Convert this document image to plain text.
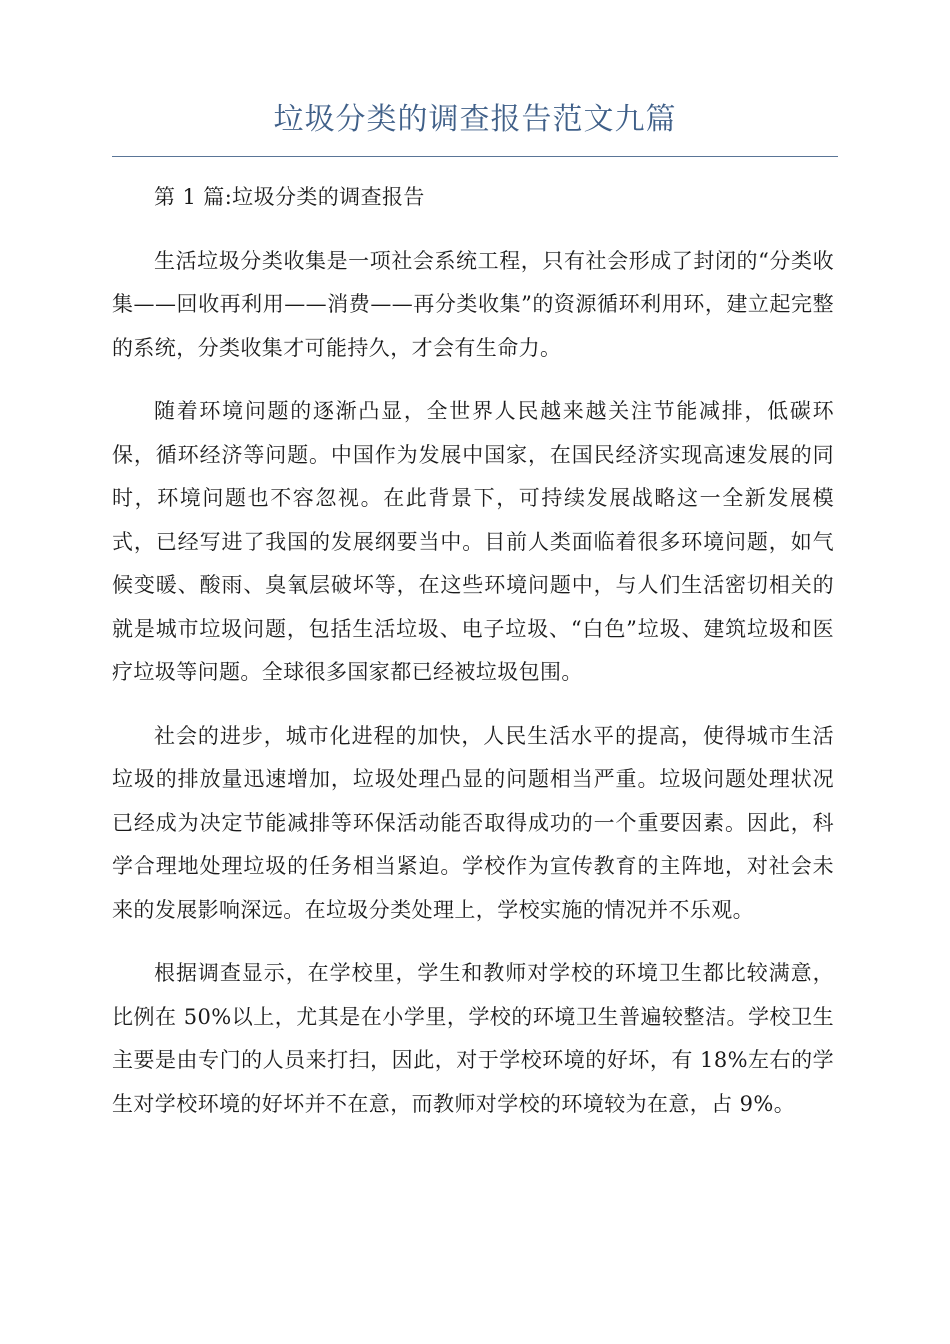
垃圾分类的调查报告范文九篇

第 1 篇:垃圾分类的调查报告

生活垃圾分类收集是一项社会系统工程，只有社会形成了封闭的“分类收集——回收再利用——消费——再分类收集”的资源循环利用环，建立起完整的系统，分类收集才可能持久，才会有生命力。

随着环境问题的逐渐凸显，全世界人民越来越关注节能减排，低碳环保，循环经济等问题。中国作为发展中国家，在国民经济实现高速发展的同时，环境问题也不容忽视。在此背景下，可持续发展战略这一全新发展模式，已经写进了我国的发展纲要当中。目前人类面临着很多环境问题，如气候变暖、酸雨、臭氧层破坏等，在这些环境问题中，与人们生活密切相关的就是城市垃圾问题，包括生活垃圾、电子垃圾、“白色”垃圾、建筑垃圾和医疗垃圾等问题。全球很多国家都已经被垃圾包围。

社会的进步，城市化进程的加快，人民生活水平的提高，使得城市生活垃圾的排放量迅速增加，垃圾处理凸显的问题相当严重。垃圾问题处理状况已经成为决定节能减排等环保活动能否取得成功的一个重要因素。因此，科学合理地处理垃圾的任务相当紧迫。学校作为宣传教育的主阵地，对社会未来的发展影响深远。在垃圾分类处理上，学校实施的情况并不乐观。

根据调查显示，在学校里，学生和教师对学校的环境卫生都比较满意，比例在 50%以上，尤其是在小学里，学校的环境卫生普遍较整洁。学校卫生主要是由专门的人员来打扫，因此，对于学校环境的好坏，有 18%左右的学生对学校环境的好坏并不在意，而教师对学校的环境较为在意，占 9%。
